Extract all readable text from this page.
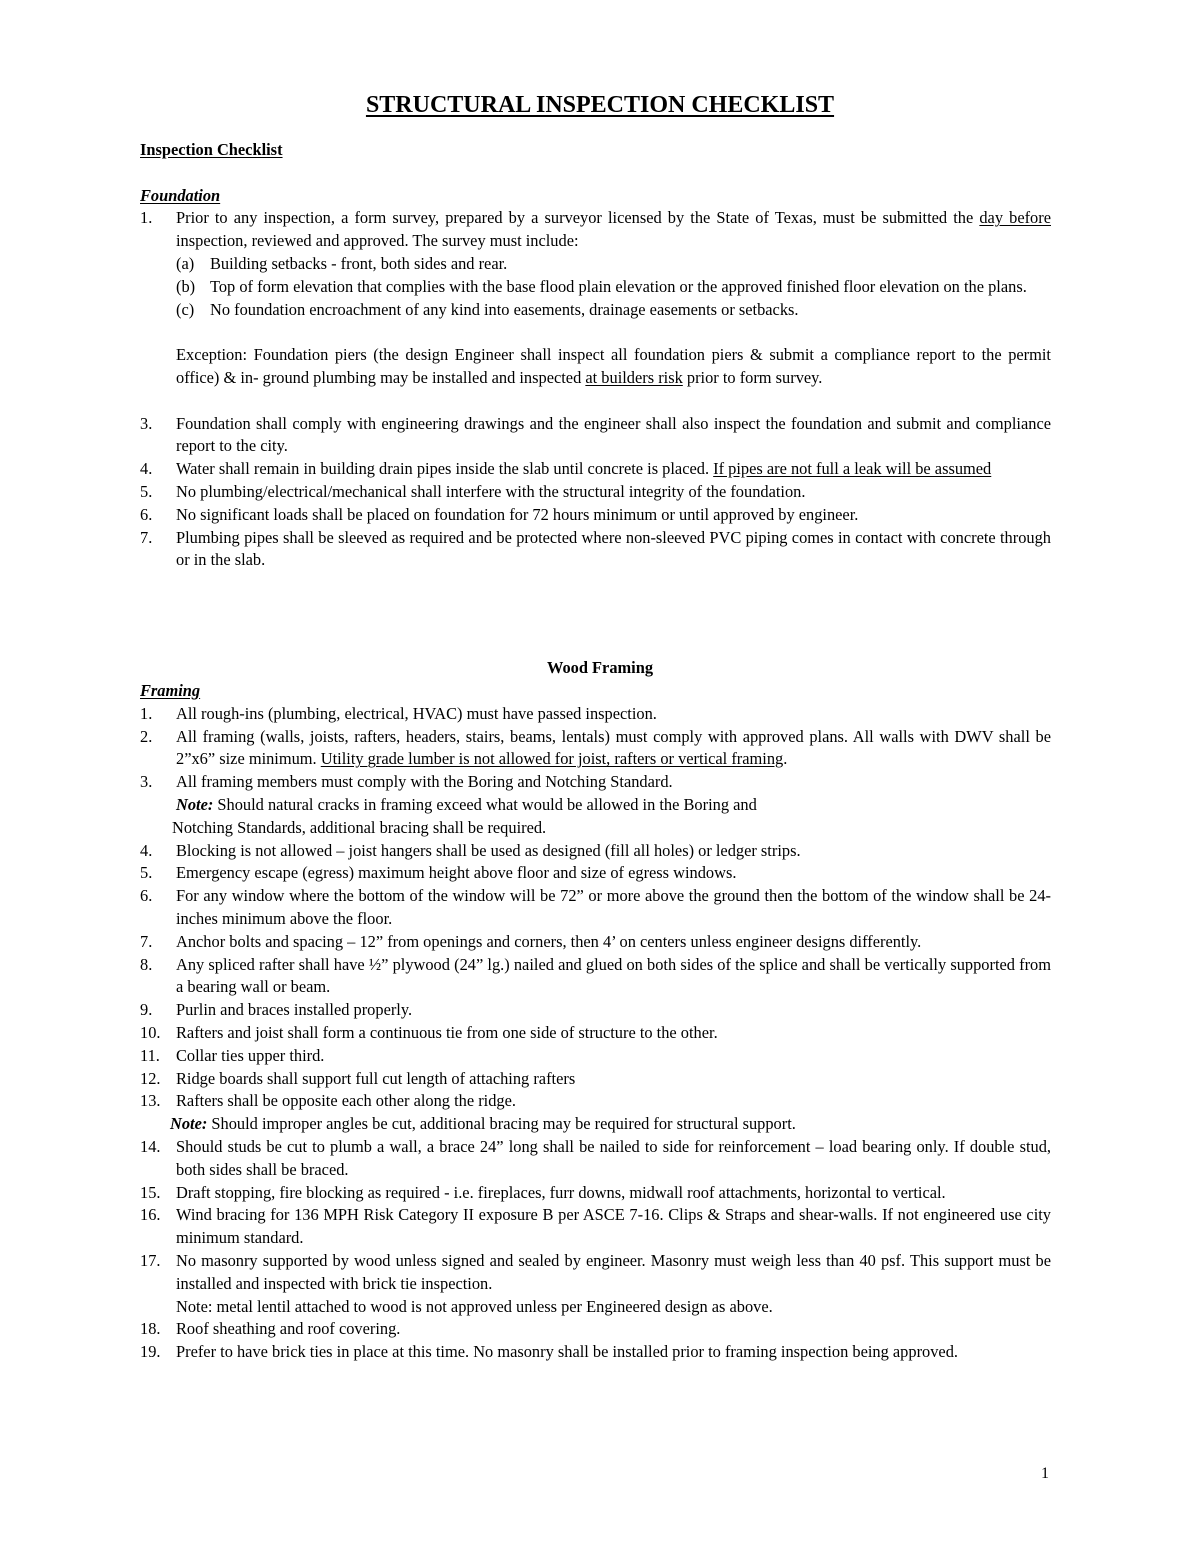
STRUCTURAL INSPECTION CHECKLIST

Inspection Checklist

Foundation

1. Prior to any inspection, a form survey, prepared by a surveyor licensed by the State of Texas, must be submitted the day before inspection, reviewed and approved. The survey must include:
(a) Building setbacks - front, both sides and rear.
(b) Top of form elevation that complies with the base flood plain elevation or the approved finished floor elevation on the plans.
(c) No foundation encroachment of any kind into easements, drainage easements or setbacks.

Exception: Foundation piers (the design Engineer shall inspect all foundation piers & submit a compliance report to the permit office) & in- ground plumbing may be installed and inspected at builders risk prior to form survey.

3. Foundation shall comply with engineering drawings and the engineer shall also inspect the foundation and submit and compliance report to the city.
4. Water shall remain in building drain pipes inside the slab until concrete is placed. If pipes are not full a leak will be assumed
5. No plumbing/electrical/mechanical shall interfere with the structural integrity of the foundation.
6. No significant loads shall be placed on foundation for 72 hours minimum or until approved by engineer.
7. Plumbing pipes shall be sleeved as required and be protected where non-sleeved PVC piping comes in contact with concrete through or in the slab.

Wood Framing

Framing

1. All rough-ins (plumbing, electrical, HVAC) must have passed inspection.
2. All framing (walls, joists, rafters, headers, stairs, beams, lentals) must comply with approved plans. All walls with DWV shall be 2”x6” size minimum. Utility grade lumber is not allowed for joist, rafters or vertical framing.
3. All framing members must comply with the Boring and Notching Standard.
Note: Should natural cracks in framing exceed what would be allowed in the Boring and
Notching Standards, additional bracing shall be required.
4. Blocking is not allowed – joist hangers shall be used as designed (fill all holes) or ledger strips.
5. Emergency escape (egress) maximum height above floor and size of egress windows.
6. For any window where the bottom of the window will be 72” or more above the ground then the bottom of the window shall be 24-inches minimum above the floor.
7. Anchor bolts and spacing – 12” from openings and corners, then 4’ on centers unless engineer designs differently.
8. Any spliced rafter shall have ½” plywood (24” lg.) nailed and glued on both sides of the splice and shall be vertically supported from a bearing wall or beam.
9. Purlin and braces installed properly.
10. Rafters and joist shall form a continuous tie from one side of structure to the other.
11. Collar ties upper third.
12. Ridge boards shall support full cut length of attaching rafters
13. Rafters shall be opposite each other along the ridge.
Note: Should improper angles be cut, additional bracing may be required for structural support.
14. Should studs be cut to plumb a wall, a brace 24” long shall be nailed to side for reinforcement – load bearing only. If double stud, both sides shall be braced.
15. Draft stopping, fire blocking as required - i.e. fireplaces, furr downs, midwall roof attachments, horizontal to vertical.
16. Wind bracing for 136 MPH Risk Category II exposure B per ASCE 7-16. Clips & Straps and shear-walls. If not engineered use city minimum standard.
17. No masonry supported by wood unless signed and sealed by engineer. Masonry must weigh less than 40 psf. This support must be installed and inspected with brick tie inspection.
Note: metal lentil attached to wood is not approved unless per Engineered design as above.
18. Roof sheathing and roof covering.
19. Prefer to have brick ties in place at this time. No masonry shall be installed prior to framing inspection being approved.
1
